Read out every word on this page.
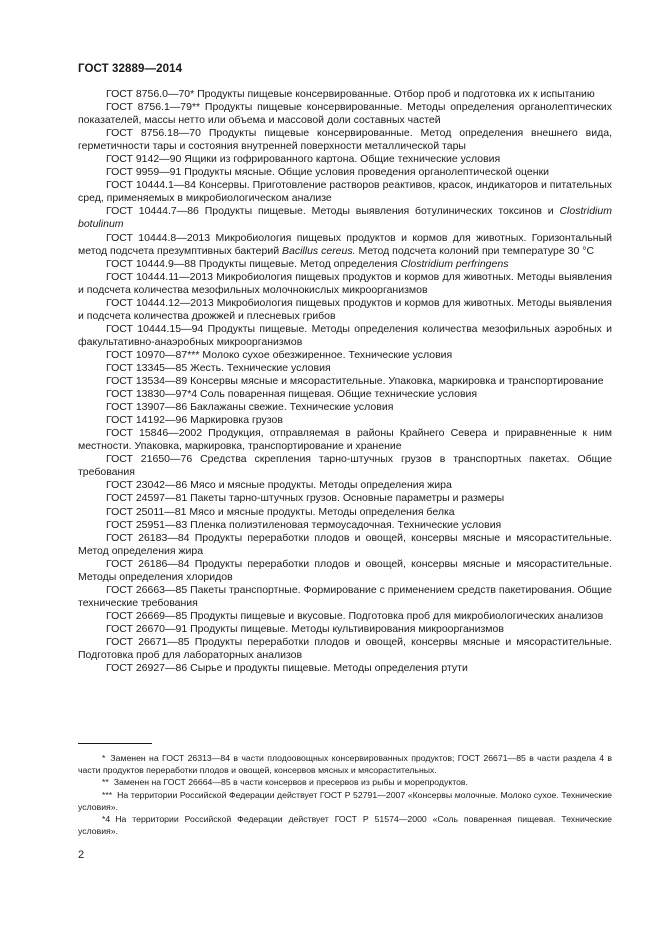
ГОСТ 32889—2014

ГОСТ 8756.0—70* Продукты пищевые консервированные. Отбор проб и подготовка их к испытанию

ГОСТ 8756.1—79** Продукты пищевые консервированные. Методы определения органолептических показателей, массы нетто или объема и массовой доли составных частей

ГОСТ 8756.18—70 Продукты пищевые консервированные. Метод определения внешнего вида, герметичности тары и состояния внутренней поверхности металлической тары

ГОСТ 9142—90 Ящики из гофрированного картона. Общие технические условия

ГОСТ 9959—91 Продукты мясные. Общие условия проведения органолептической оценки

ГОСТ 10444.1—84 Консервы. Приготовление растворов реактивов, красок, индикаторов и питательных сред, применяемых в микробиологическом анализе

ГОСТ 10444.7—86 Продукты пищевые. Методы выявления ботулинических токсинов и Clostridium botulinum

ГОСТ 10444.8—2013 Микробиология пищевых продуктов и кормов для животных. Горизонтальный метод подсчета презумптивных бактерий Bacillus cereus. Метод подсчета колоний при температуре 30 °С

ГОСТ 10444.9—88 Продукты пищевые. Метод определения Clostridium perfringens

ГОСТ 10444.11—2013 Микробиология пищевых продуктов и кормов для животных. Методы выявления и подсчета количества мезофильных молочнокислых микроорганизмов

ГОСТ 10444.12—2013 Микробиология пищевых продуктов и кормов для животных. Методы выявления и подсчета количества дрожжей и плесневых грибов

ГОСТ 10444.15—94 Продукты пищевые. Методы определения количества мезофильных аэробных и факультативно-анаэробных микроорганизмов

ГОСТ 10970—87*** Молоко сухое обезжиренное. Технические условия

ГОСТ 13345—85 Жесть. Технические условия

ГОСТ 13534—89 Консервы мясные и мясорастительные. Упаковка, маркировка и транспортирование

ГОСТ 13830—97*4 Соль поваренная пищевая. Общие технические условия

ГОСТ 13907—86 Баклажаны свежие. Технические условия

ГОСТ 14192—96 Маркировка грузов

ГОСТ 15846—2002 Продукция, отправляемая в районы Крайнего Севера и приравненные к ним местности. Упаковка, маркировка, транспортирование и хранение

ГОСТ 21650—76 Средства скрепления тарно-штучных грузов в транспортных пакетах. Общие требования

ГОСТ 23042—86 Мясо и мясные продукты. Методы определения жира

ГОСТ 24597—81 Пакеты тарно-штучных грузов. Основные параметры и размеры

ГОСТ 25011—81 Мясо и мясные продукты. Методы определения белка

ГОСТ 25951—83 Пленка полиэтиленовая термоусадочная. Технические условия

ГОСТ 26183—84 Продукты переработки плодов и овощей, консервы мясные и мясорастительные. Метод определения жира

ГОСТ 26186—84 Продукты переработки плодов и овощей, консервы мясные и мясорастительные. Методы определения хлоридов

ГОСТ 26663—85 Пакеты транспортные. Формирование с применением средств пакетирования. Общие технические требования

ГОСТ 26669—85 Продукты пищевые и вкусовые. Подготовка проб для микробиологических анализов

ГОСТ 26670—91 Продукты пищевые. Методы культивирования микроорганизмов

ГОСТ 26671—85 Продукты переработки плодов и овощей, консервы мясные и мясорастительные. Подготовка проб для лабораторных анализов

ГОСТ 26927—86 Сырье и продукты пищевые. Методы определения ртути

* Заменен на ГОСТ 26313—84 в части плодоовощных консервированных продуктов; ГОСТ 26671—85 в части раздела 4 в части продуктов переработки плодов и овощей, консервов мясных и мясорастительных.

** Заменен на ГОСТ 26664—85 в части консервов и пресервов из рыбы и морепродуктов.

*** На территории Российской Федерации действует ГОСТ Р 52791—2007 «Консервы молочные. Молоко сухое. Технические условия».

*4 На территории Российской Федерации действует ГОСТ Р 51574—2000 «Соль поваренная пищевая. Технические условия».

2
